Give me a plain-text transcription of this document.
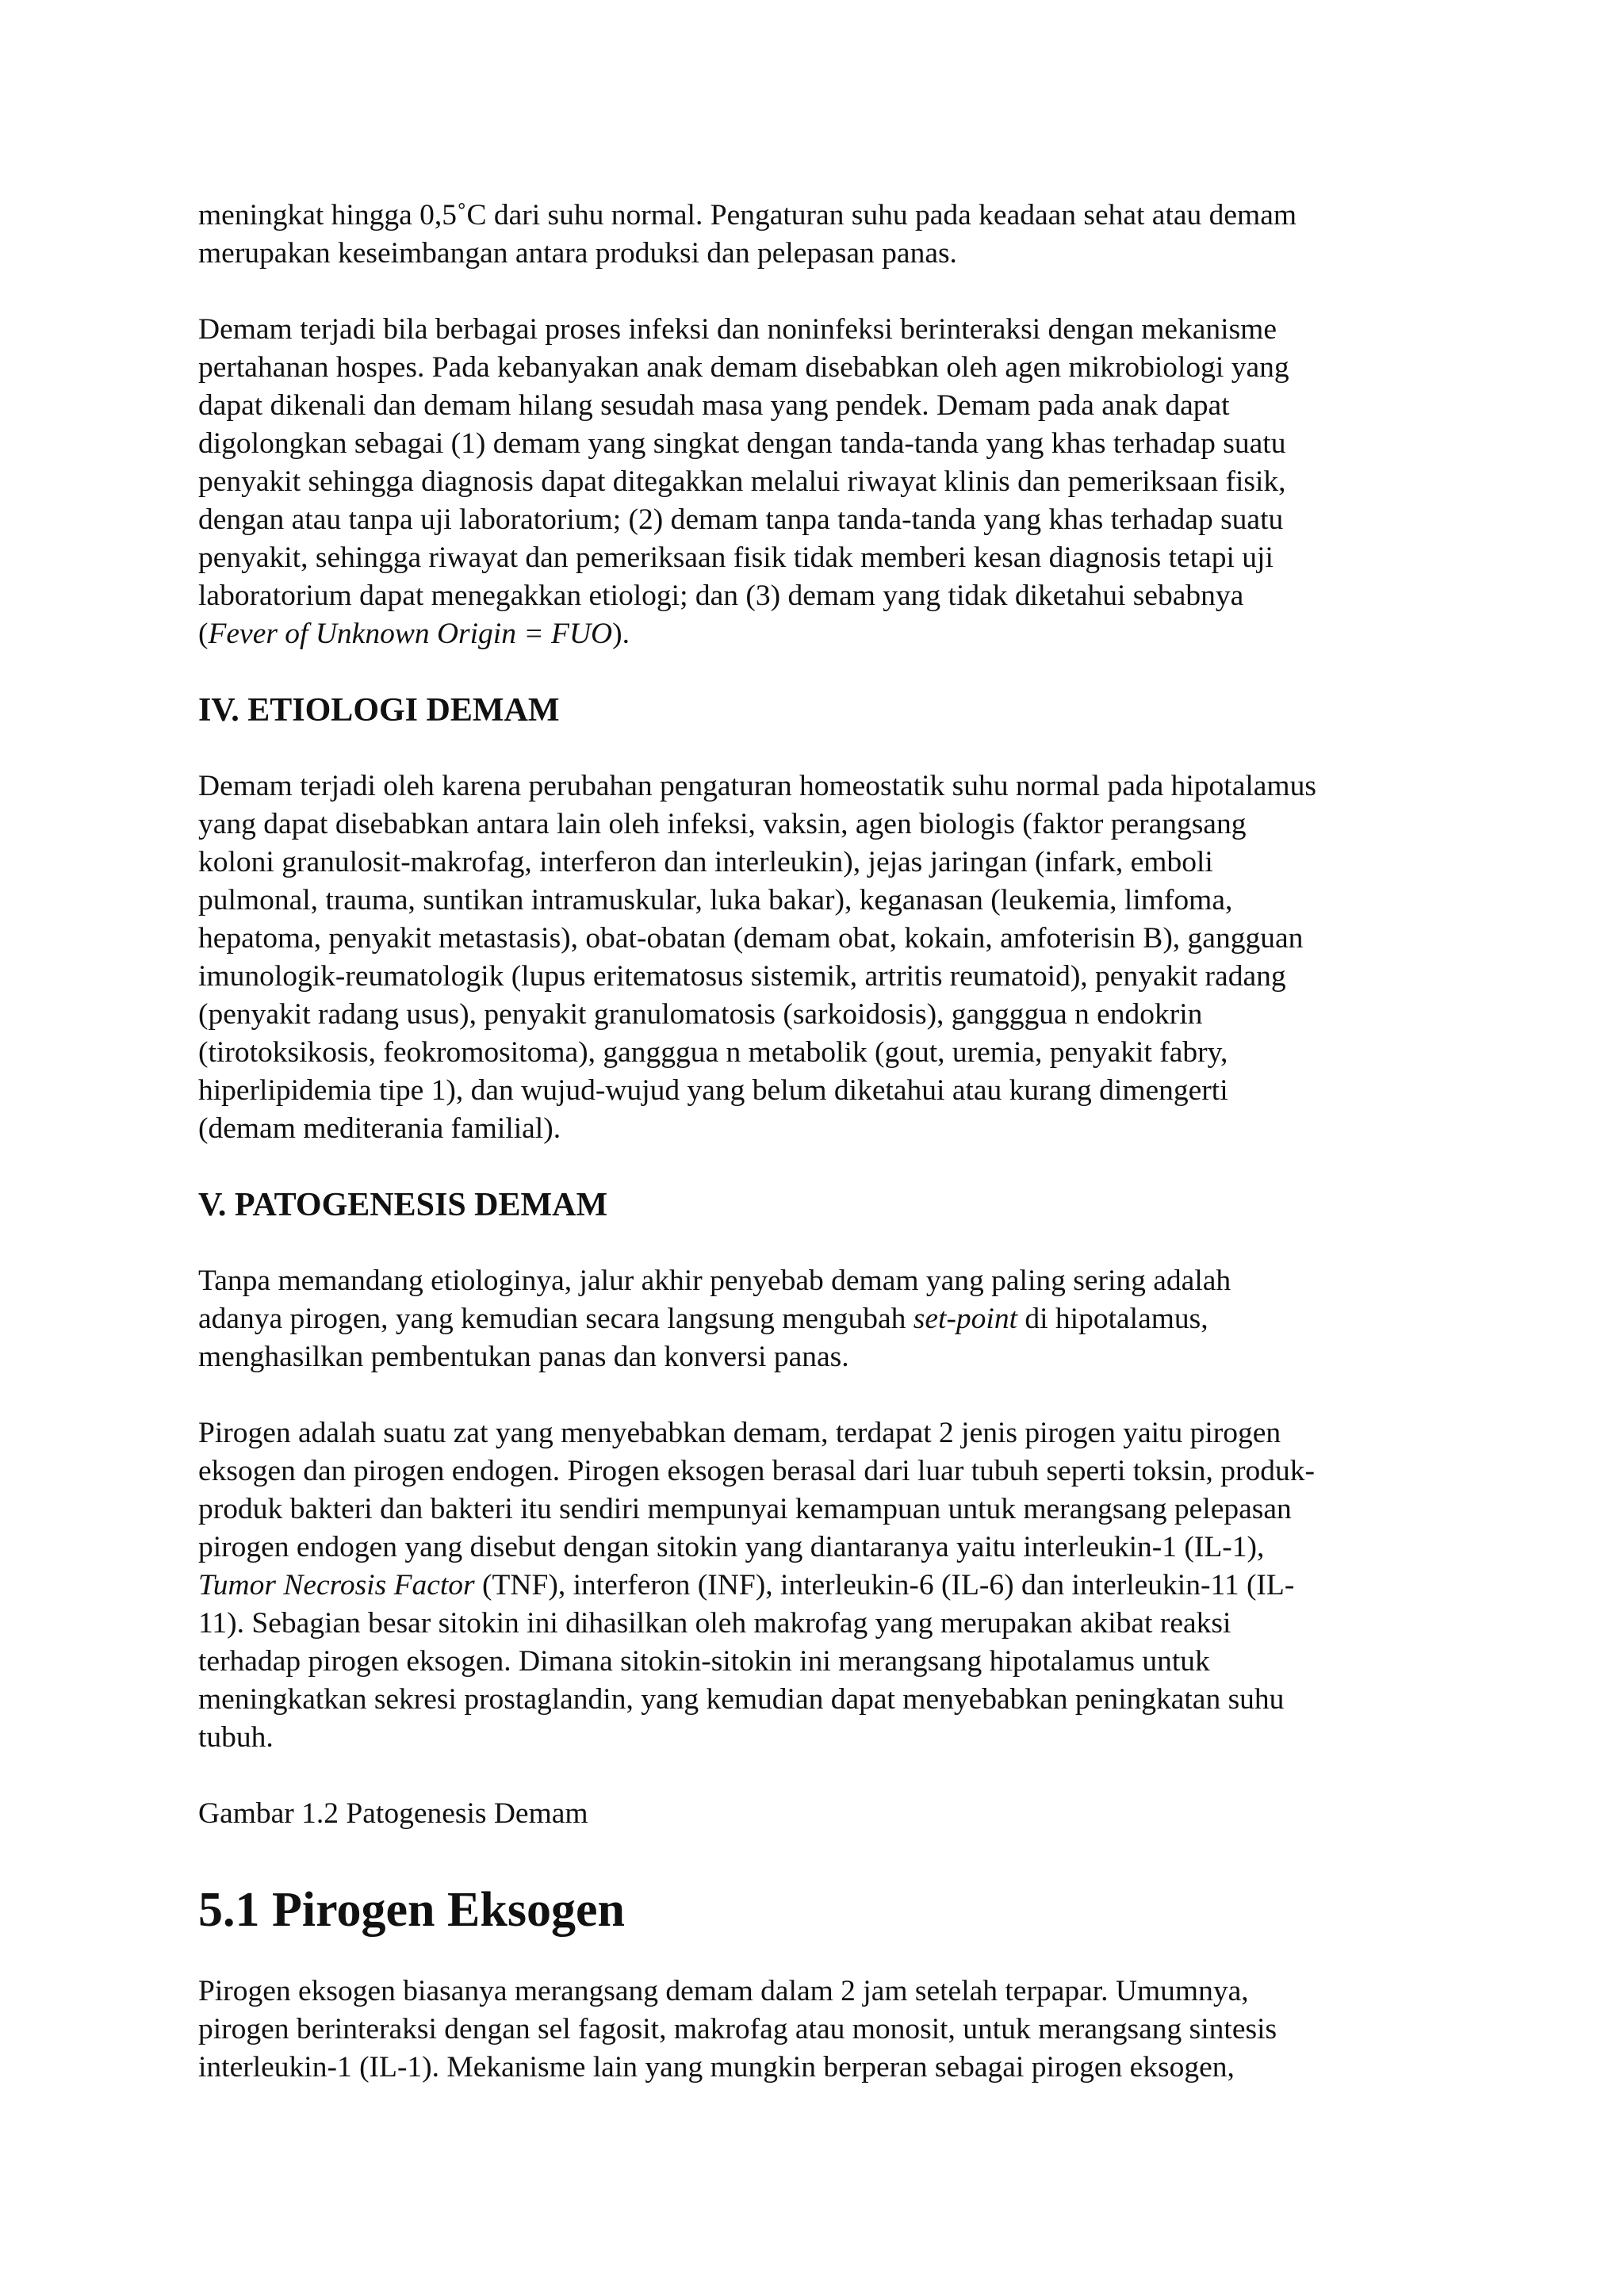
meningkat hingga 0,5˚C dari suhu normal. Pengaturan suhu pada keadaan sehat atau demam
merupakan keseimbangan antara produksi dan pelepasan panas.

Demam terjadi bila berbagai proses infeksi dan noninfeksi berinteraksi dengan mekanisme
pertahanan hospes. Pada kebanyakan anak demam disebabkan oleh agen mikrobiologi yang
dapat dikenali dan demam hilang sesudah masa yang pendek. Demam pada anak dapat
digolongkan sebagai (1) demam yang singkat dengan tanda-tanda yang khas terhadap suatu
penyakit sehingga diagnosis dapat ditegakkan melalui riwayat klinis dan pemeriksaan fisik,
dengan atau tanpa uji laboratorium; (2) demam tanpa tanda-tanda yang khas terhadap suatu
penyakit, sehingga riwayat dan pemeriksaan fisik tidak memberi kesan diagnosis tetapi uji
laboratorium dapat menegakkan etiologi; dan (3) demam yang tidak diketahui sebabnya
(Fever of Unknown Origin = FUO).

IV. ETIOLOGI DEMAM

Demam terjadi oleh karena perubahan pengaturan homeostatik suhu normal pada hipotalamus
yang dapat disebabkan antara lain oleh infeksi, vaksin, agen biologis (faktor perangsang
koloni granulosit-makrofag, interferon dan interleukin), jejas jaringan (infark, emboli
pulmonal, trauma, suntikan intramuskular, luka bakar), keganasan (leukemia, limfoma,
hepatoma, penyakit metastasis), obat-obatan (demam obat, kokain, amfoterisin B), gangguan
imunologik-reumatologik (lupus eritematosus sistemik, artritis reumatoid), penyakit radang
(penyakit radang usus), penyakit granulomatosis (sarkoidosis), gangggua n endokrin
(tirotoksikosis, feokromositoma), gangggua n metabolik (gout, uremia, penyakit fabry,
hiperlipidemia tipe 1), dan wujud-wujud yang belum diketahui atau kurang dimengerti
(demam mediterania familial).

V. PATOGENESIS DEMAM

Tanpa memandang etiologinya, jalur akhir penyebab demam yang paling sering adalah
adanya pirogen, yang kemudian secara langsung mengubah set-point di hipotalamus,
menghasilkan pembentukan panas dan konversi panas.

Pirogen adalah suatu zat yang menyebabkan demam, terdapat 2 jenis pirogen yaitu pirogen
eksogen dan pirogen endogen. Pirogen eksogen berasal dari luar tubuh seperti toksin, produk-
produk bakteri dan bakteri itu sendiri mempunyai kemampuan untuk merangsang pelepasan
pirogen endogen yang disebut dengan sitokin yang diantaranya yaitu interleukin-1 (IL-1),
Tumor Necrosis Factor (TNF), interferon (INF), interleukin-6 (IL-6) dan interleukin-11 (IL-
11). Sebagian besar sitokin ini dihasilkan oleh makrofag yang merupakan akibat reaksi
terhadap pirogen eksogen. Dimana sitokin-sitokin ini merangsang hipotalamus untuk
meningkatkan sekresi prostaglandin, yang kemudian dapat menyebabkan peningkatan suhu
tubuh.

Gambar 1.2 Patogenesis Demam

5.1 Pirogen Eksogen

Pirogen eksogen biasanya merangsang demam dalam 2 jam setelah terpapar. Umumnya,
pirogen berinteraksi dengan sel fagosit, makrofag atau monosit, untuk merangsang sintesis
interleukin-1 (IL-1). Mekanisme lain yang mungkin berperan sebagai pirogen eksogen,
